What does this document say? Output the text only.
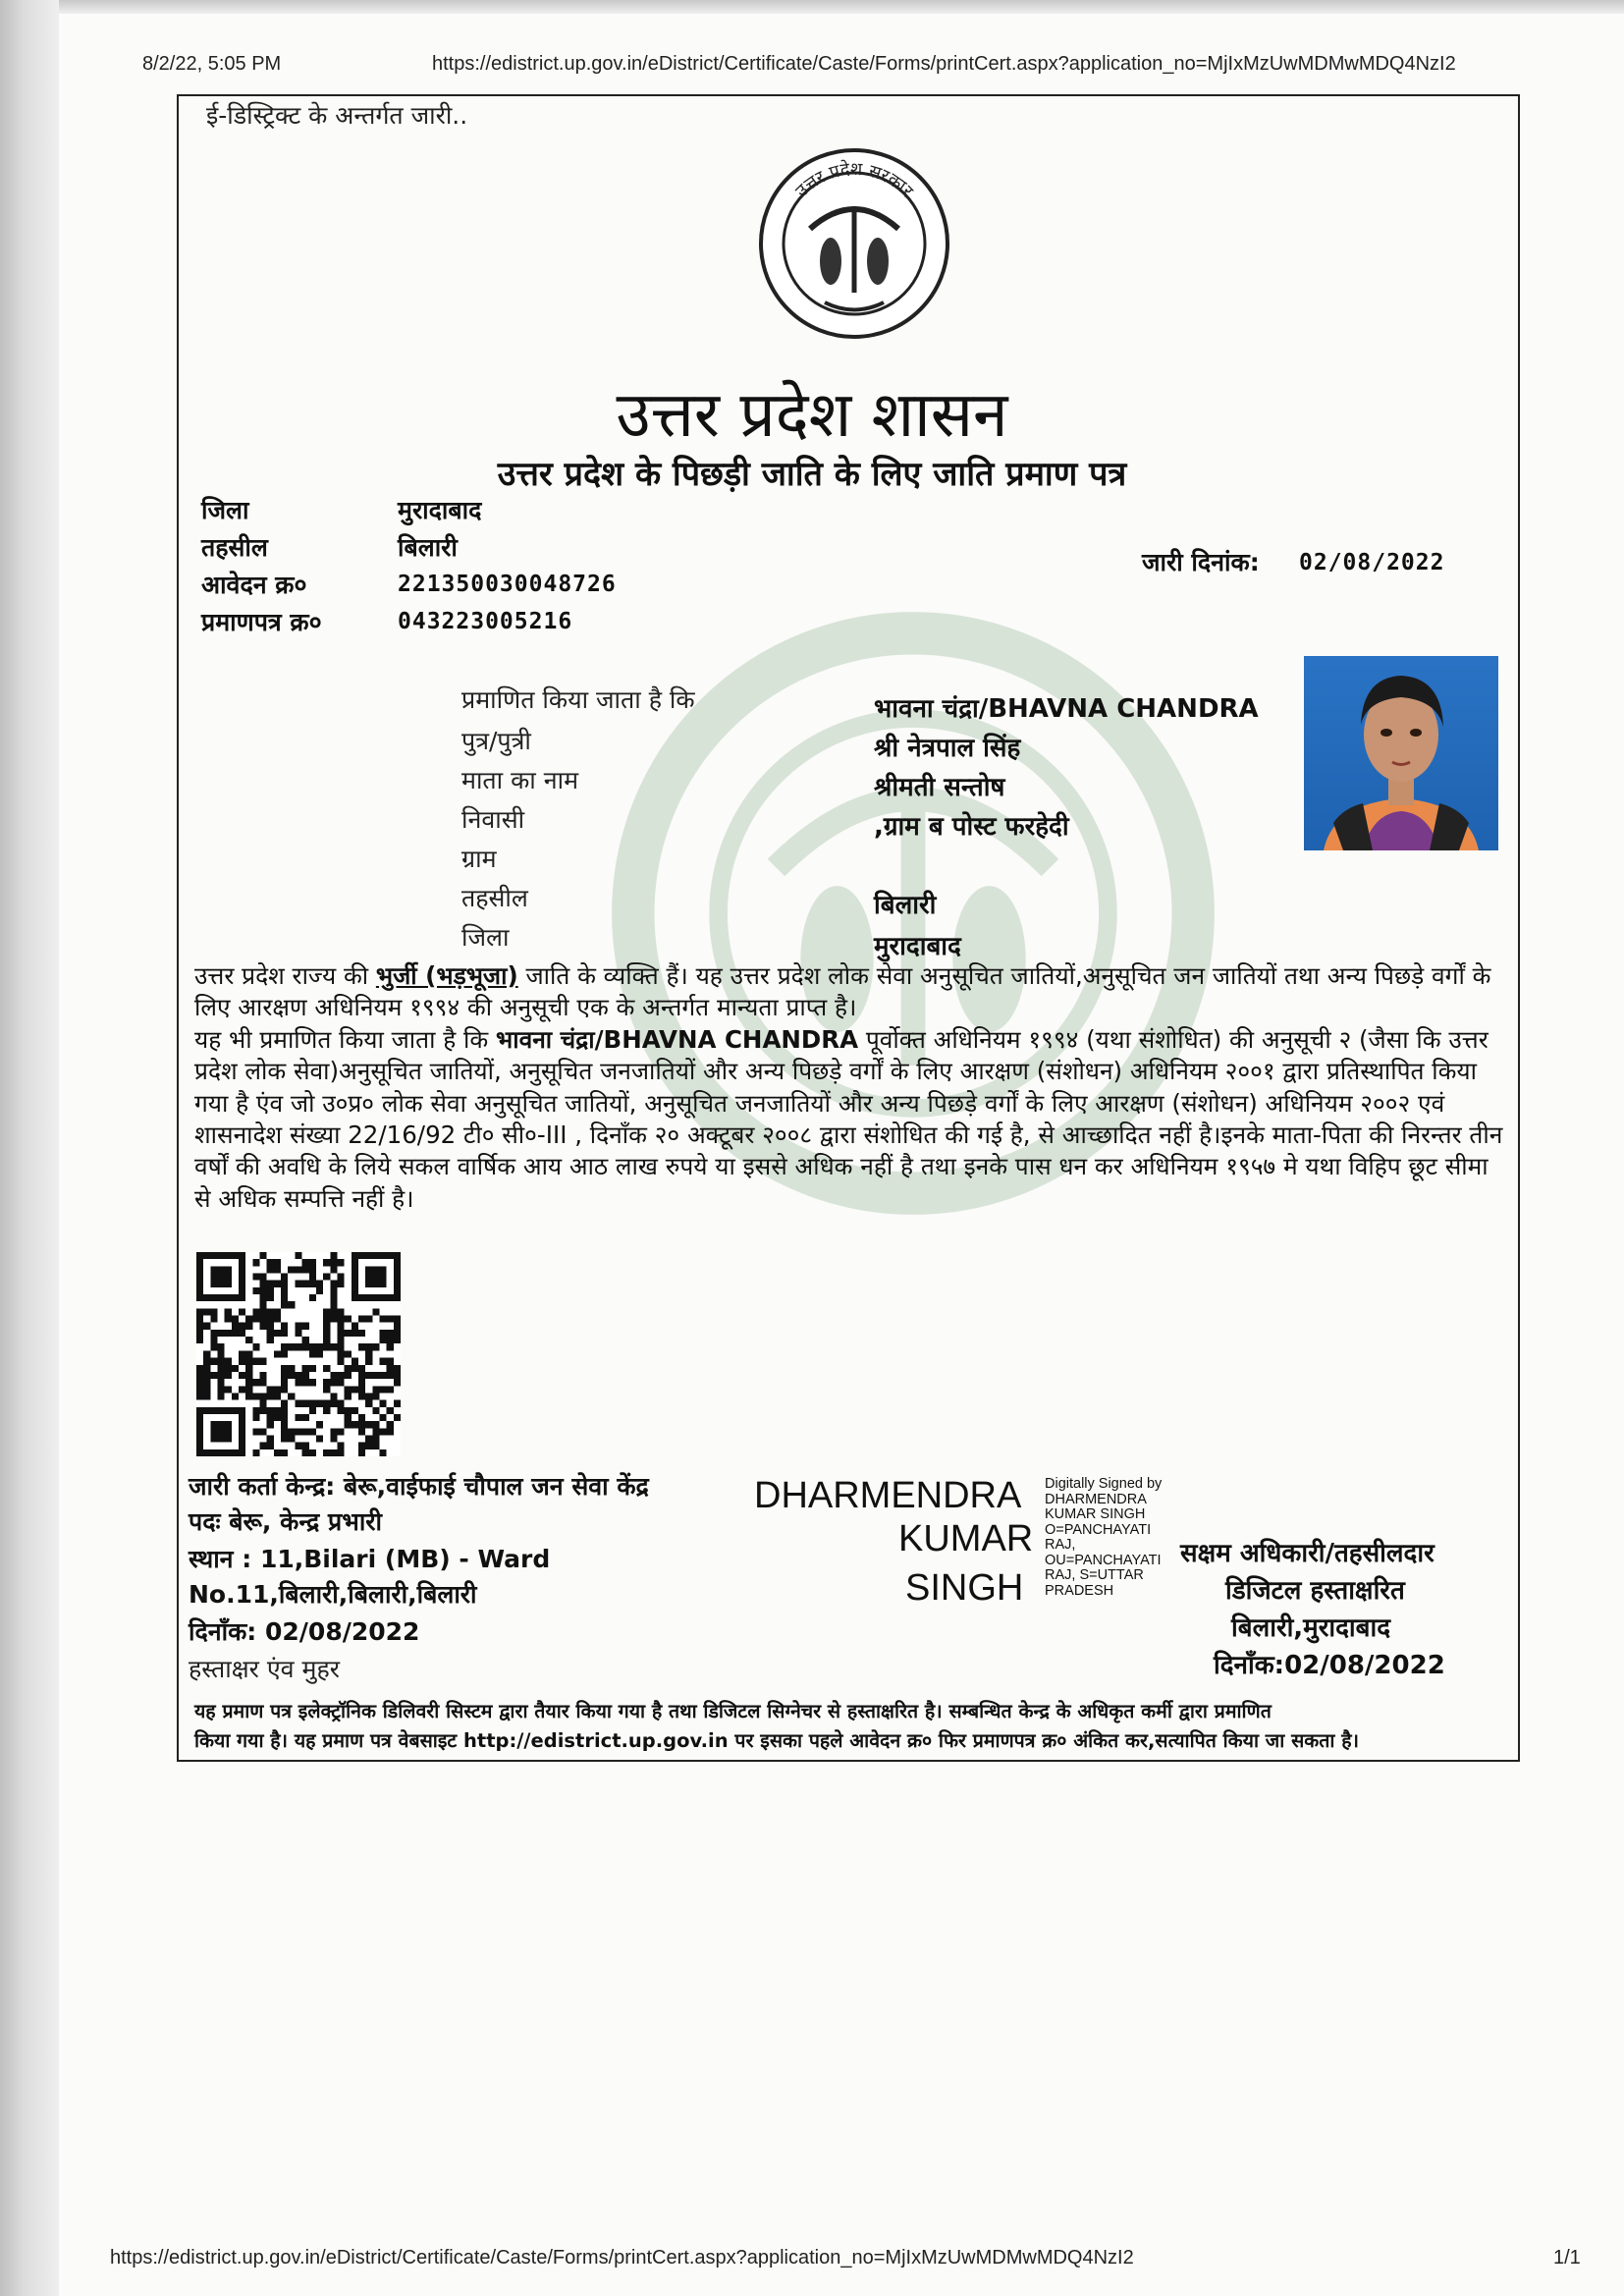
8/2/22, 5:05 PM	https://edistrict.up.gov.in/eDistrict/Certificate/Caste/Forms/printCert.aspx?application_no=MjIxMzUwMDMwMDQ4NzI2
उत्तर प्रदेश सरकार
ई-डिस्ट्रिक्ट के अन्तर्गत जारी..
उत्तर प्रदेश शासन
उत्तर प्रदेश के पिछड़ी जाति के लिए जाति प्रमाण पत्र
जिला	मुरादाबाद
तहसील	बिलारी
आवेदन क्र०	221350030048726
प्रमाणपत्र क्र०	043223005216
जारी दिनांक: 02/08/2022
प्रमाणित किया जाता है कि	भावना चंद्रा/BHAVNA CHANDRA
पुत्र/पुत्री	श्री नेत्रपाल सिंह
माता का नाम	श्रीमती सन्तोष
निवासी	,ग्राम ब पोस्ट फरहेदी
ग्राम
तहसील	बिलारी
जिला	मुरादाबाद

उत्तर प्रदेश राज्य की भुर्जी (भड़भूजा) जाति के व्यक्ति हैं। यह उत्तर प्रदेश लोक सेवा अनुसूचित जातियों,अनुसूचित जन जातियों तथा अन्य पिछड़े वर्गों के लिए आरक्षण अधिनियम १९९४ की अनुसूची एक के अन्तर्गत मान्यता प्राप्त है।

यह भी प्रमाणित किया जाता है कि भावना चंद्रा/BHAVNA CHANDRA पूर्वोक्त अधिनियम १९९४ (यथा संशोधित) की अनुसूची २ (जैसा कि उत्तर प्रदेश लोक सेवा)अनुसूचित जातियों, अनुसूचित जनजातियों और अन्य पिछड़े वर्गों के लिए आरक्षण (संशोधन) अधिनियम २००१ द्वारा प्रतिस्थापित किया गया है एंव जो उ०प्र० लोक सेवा अनुसूचित जातियों, अनुसूचित जनजातियों और अन्य पिछड़े वर्गों के लिए आरक्षण (संशोधन) अधिनियम २००२ एवं शासनादेश संख्या 22/16/92 टी० सी०-III , दिनाँक २० अक्टूबर २००८ द्वारा संशोधित की गई है, से आच्छादित नहीं है।इनके माता-पिता की निरन्तर तीन वर्षों की अवधि के लिये सकल वार्षिक आय आठ लाख रुपये या इससे अधिक नहीं है तथा इनके पास धन कर अधिनियम १९५७ मे यथा विहिप छूट सीमा से अधिक सम्पत्ति नहीं है।

जारी कर्ता केन्द्र: बेरू,वाईफाई चौपाल जन सेवा केंद्र
पदः बेरू, केन्द्र प्रभारी
स्थान : 11,Bilari (MB) - Ward
No.11,बिलारी,बिलारी,बिलारी
दिनाँक: 02/08/2022
हस्ताक्षर एंव मुहर
DHARMENDRA
KUMAR
SINGH
Digitally Signed by
DHARMENDRA
KUMAR SINGH
O=PANCHAYATI
RAJ,
OU=PANCHAYATI
RAJ, S=UTTAR
PRADESH
सक्षम अधिकारी/तहसीलदार
डिजिटल हस्ताक्षरित
बिलारी,मुरादाबाद
दिनाँक:02/08/2022

यह प्रमाण पत्र इलेक्ट्रॉनिक डिलिवरी सिस्टम द्वारा तैयार किया गया है तथा डिजिटल सिग्नेचर से हस्ताक्षरित है। सम्बन्धित केन्द्र के अधिकृत कर्मी द्वारा प्रमाणित

किया गया है। यह प्रमाण पत्र वेबसाइट http://edistrict.up.gov.in पर इसका पहले आवेदन क्र० फिर प्रमाणपत्र क्र० अंकित कर,सत्यापित किया जा सकता है।

https://edistrict.up.gov.in/eDistrict/Certificate/Caste/Forms/printCert.aspx?application_no=MjIxMzUwMDMwMDQ4NzI2	1/1
